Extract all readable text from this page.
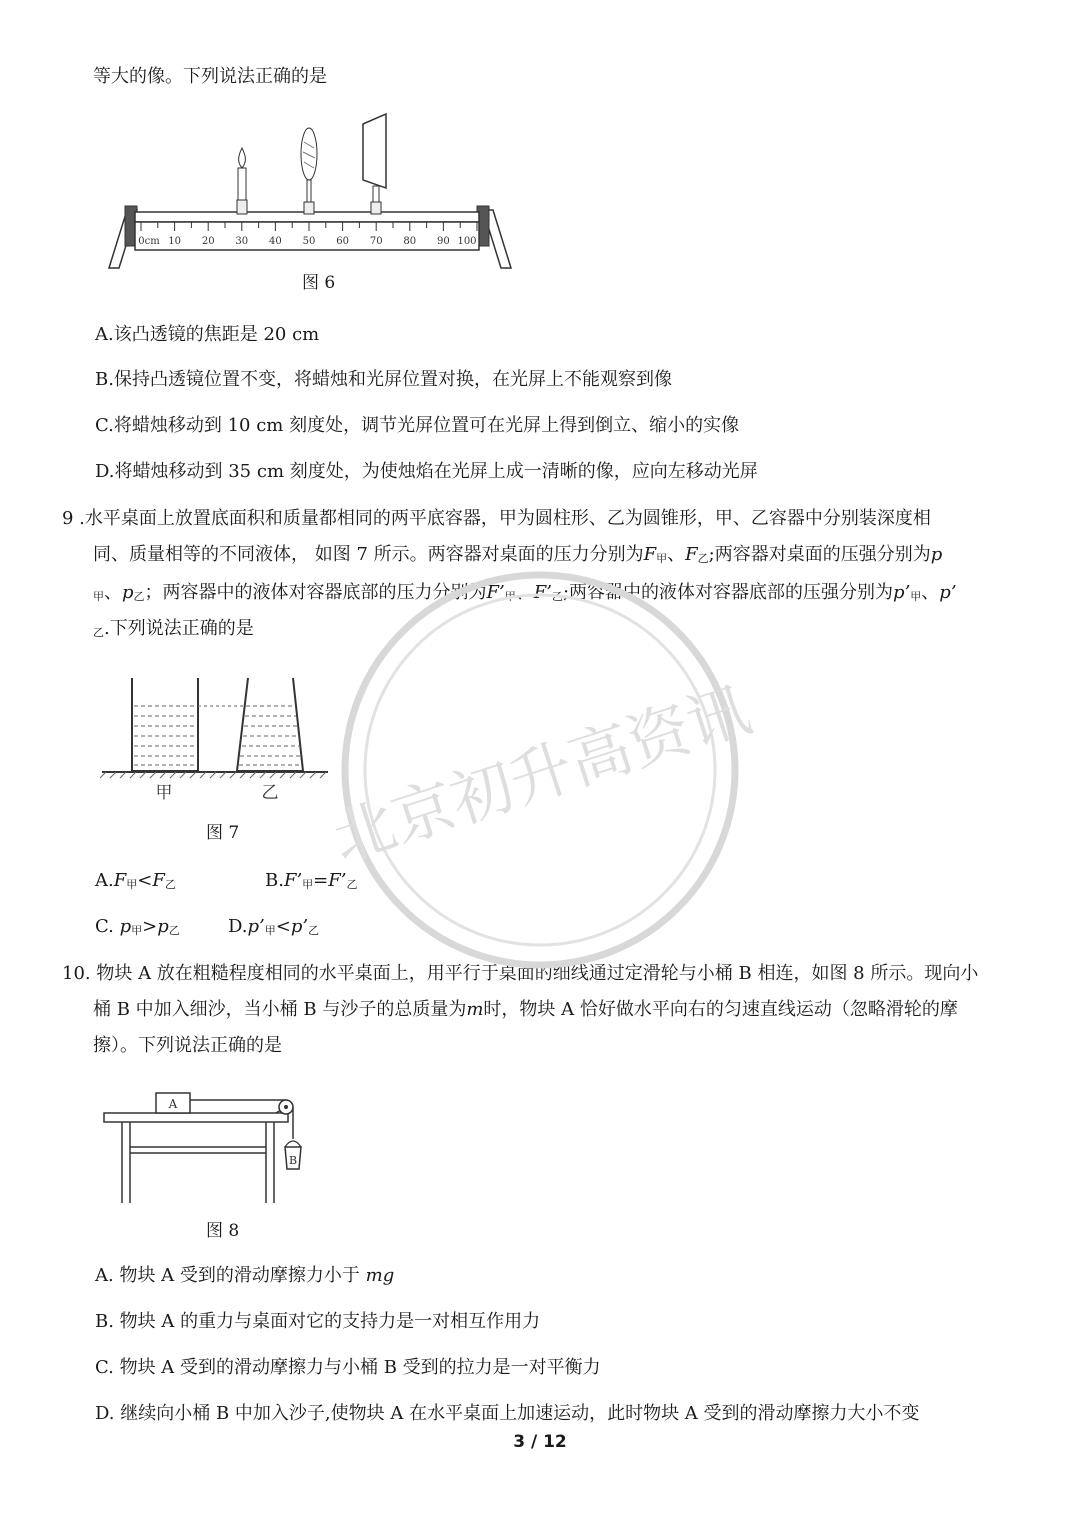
等大的像。下列说法正确的是
0cm 10 20 30 40 50 60 70 80 90 100
图 6
A.该凸透镜的焦距是 20 cm
B.保持凸透镜位置不变，将蜡烛和光屏位置对换，在光屏上不能观察到像
C.将蜡烛移动到 10 cm 刻度处，调节光屏位置可在光屏上得到倒立、缩小的实像
D.将蜡烛移动到 35 cm 刻度处，为使烛焰在光屏上成一清晰的像，应向左移动光屏
9 .水平桌面上放置底面积和质量都相同的两平底容器，甲为圆柱形、乙为圆锥形，甲、乙容器中分别装深度相
同、质量相等的不同液体， 如图 7 所示。两容器对桌面的压力分别为F甲、F乙;两容器对桌面的压强分别为p
甲、p乙；两容器中的液体对容器底部的压力分别为F’甲、F’乙;两容器中的液体对容器底部的压强分别为p’甲、p’
乙.下列说法正确的是
甲	乙
图 7
A.F甲<F乙	B.F’甲=F’乙
C. p甲>p乙	D.p’甲<p’乙
10. 物块 A 放在粗糙程度相同的水平桌面上，用平行于桌面的细线通过定滑轮与小桶 B 相连，如图 8 所示。现向小
桶 B 中加入细沙，当小桶 B 与沙子的总质量为m时，物块 A 恰好做水平向右的匀速直线运动（忽略滑轮的摩
擦）。下列说法正确的是
A
B
图 8
A. 物块 A 受到的滑动摩擦力小于 mg
B. 物块 A 的重力与桌面对它的支持力是一对相互作用力
C. 物块 A 受到的滑动摩擦力与小桶 B 受到的拉力是一对平衡力
D. 继续向小桶 B 中加入沙子,使物块 A 在水平桌面上加速运动，此时物块 A 受到的滑动摩擦力大小不变
北京初升高资讯
3 / 12
